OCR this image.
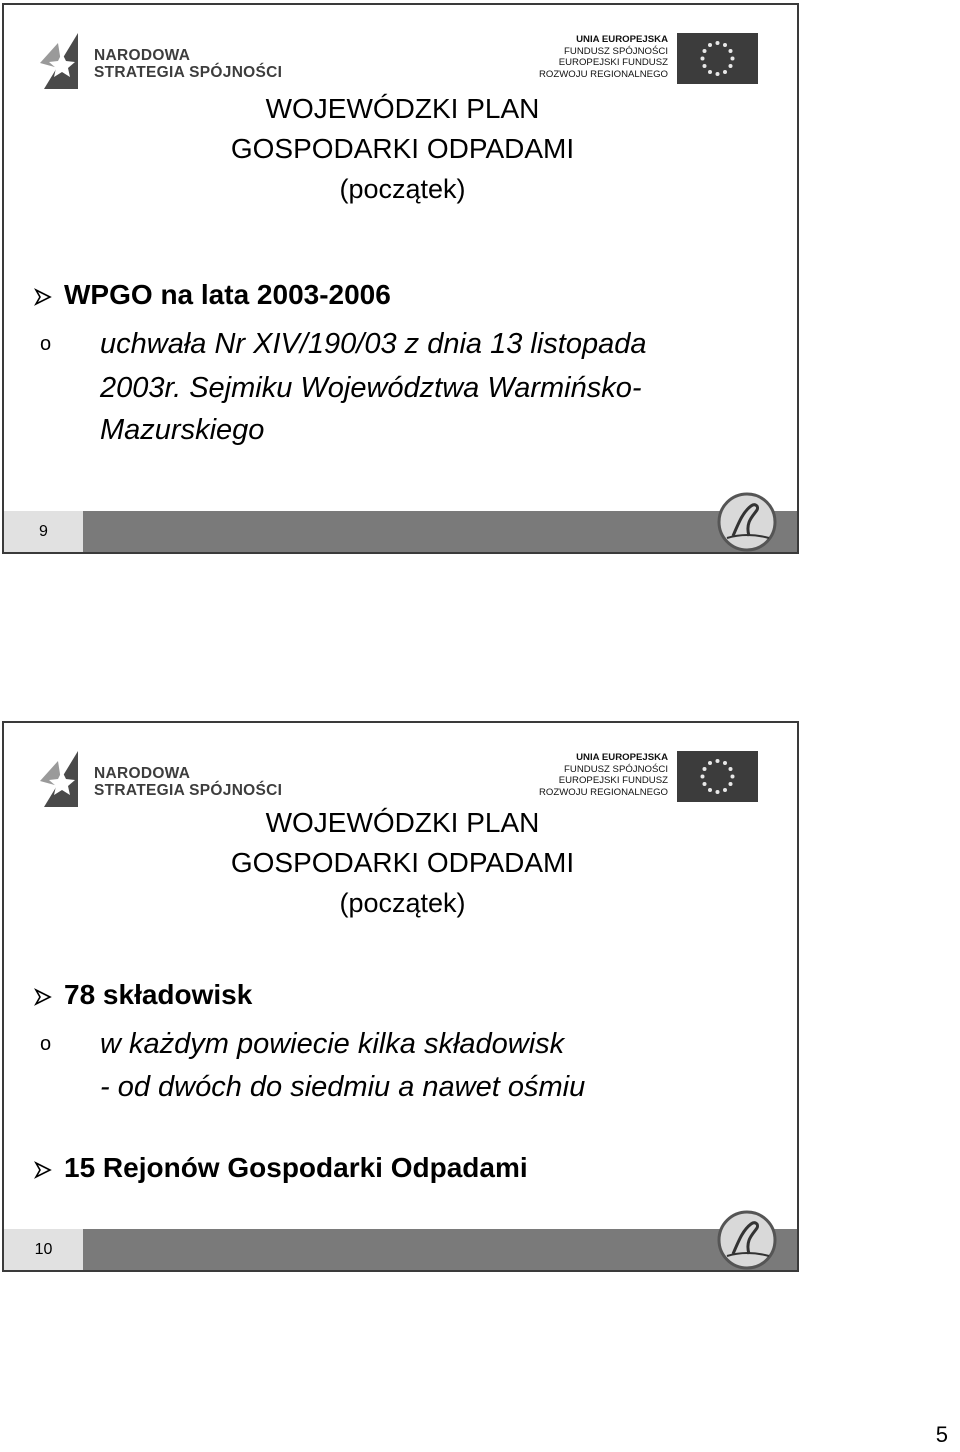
NARODOWA
STRATEGIA SPÓJNOŚCI
UNIA EUROPEJSKA
FUNDUSZ SPÓJNOŚCI
EUROPEJSKI FUNDUSZ
ROZWOJU REGIONALNEGO
WOJEWÓDZKI PLAN
GOSPODARKI ODPADAMI
(początek)
WPGO na lata 2003-2006
o uchwała Nr XIV/190/03 z dnia 13 listopada
2003r. Sejmiku Województwa Warmińsko-
Mazurskiego
9
NARODOWA
STRATEGIA SPÓJNOŚCI
UNIA EUROPEJSKA
FUNDUSZ SPÓJNOŚCI
EUROPEJSKI FUNDUSZ
ROZWOJU REGIONALNEGO
WOJEWÓDZKI PLAN
GOSPODARKI ODPADAMI
(początek)
78 składowisk
o w każdym powiecie kilka składowisk
- od dwóch do siedmiu a nawet ośmiu
15 Rejonów Gospodarki Odpadami
10
5
